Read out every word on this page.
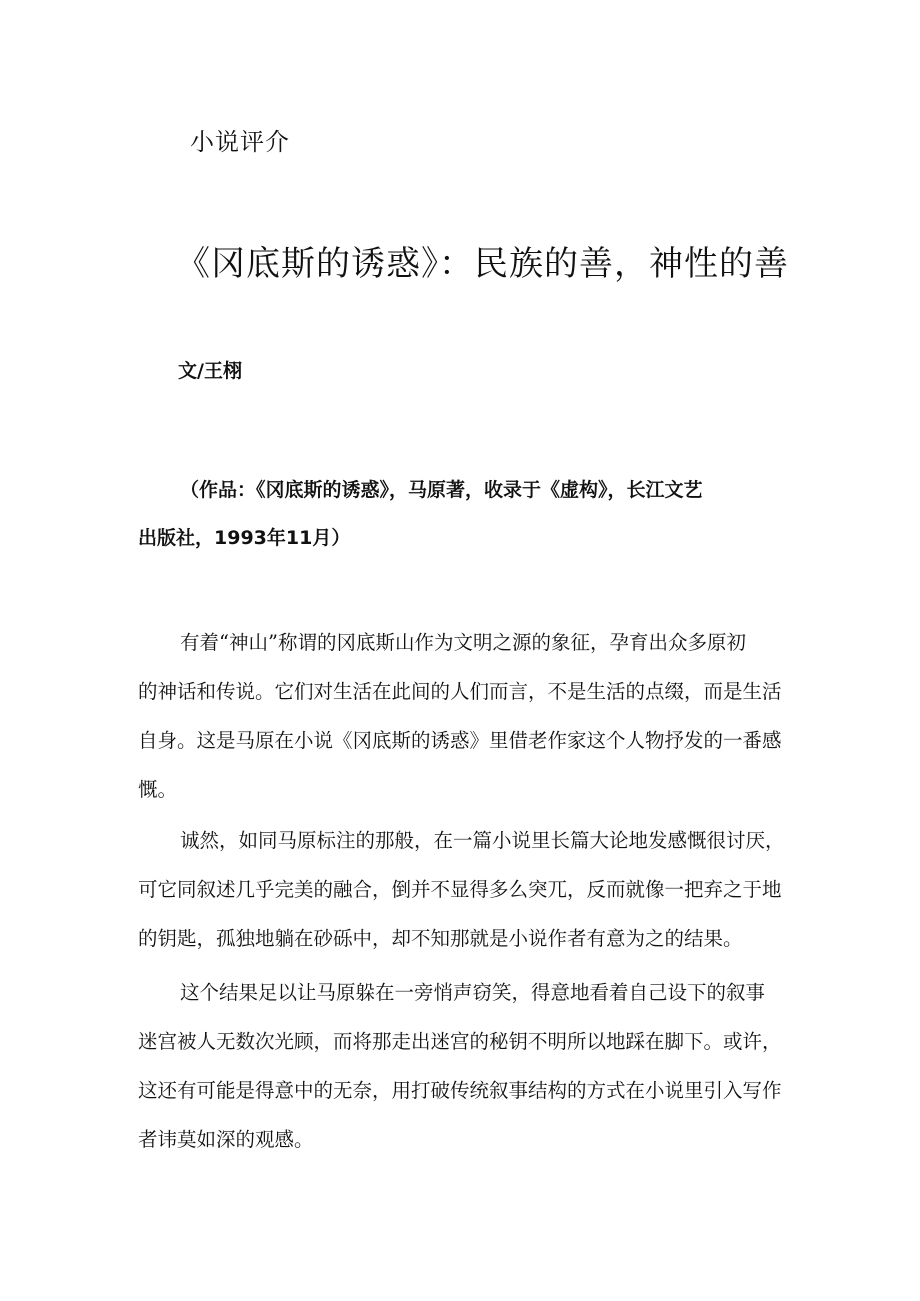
小说评介
《冈底斯的诱惑》：民族的善，神性的善
文/王栩
（作品：《冈底斯的诱惑》，马原著，收录于《虚构》，长江文艺
出版社，1993年11月）
有着“神山”称谓的冈底斯山作为文明之源的象征，孕育出众多原初
的神话和传说。它们对生活在此间的人们而言，不是生活的点缀，而是生活
自身。这是马原在小说《冈底斯的诱惑》里借老作家这个人物抒发的一番感
慨。
诚然，如同马原标注的那般，在一篇小说里长篇大论地发感慨很讨厌，
可它同叙述几乎完美的融合，倒并不显得多么突兀，反而就像一把弃之于地
的钥匙，孤独地躺在砂砾中，却不知那就是小说作者有意为之的结果。
这个结果足以让马原躲在一旁悄声窃笑，得意地看着自己设下的叙事
迷宫被人无数次光顾，而将那走出迷宫的秘钥不明所以地踩在脚下。或许，
这还有可能是得意中的无奈，用打破传统叙事结构的方式在小说里引入写作
者讳莫如深的观感。
